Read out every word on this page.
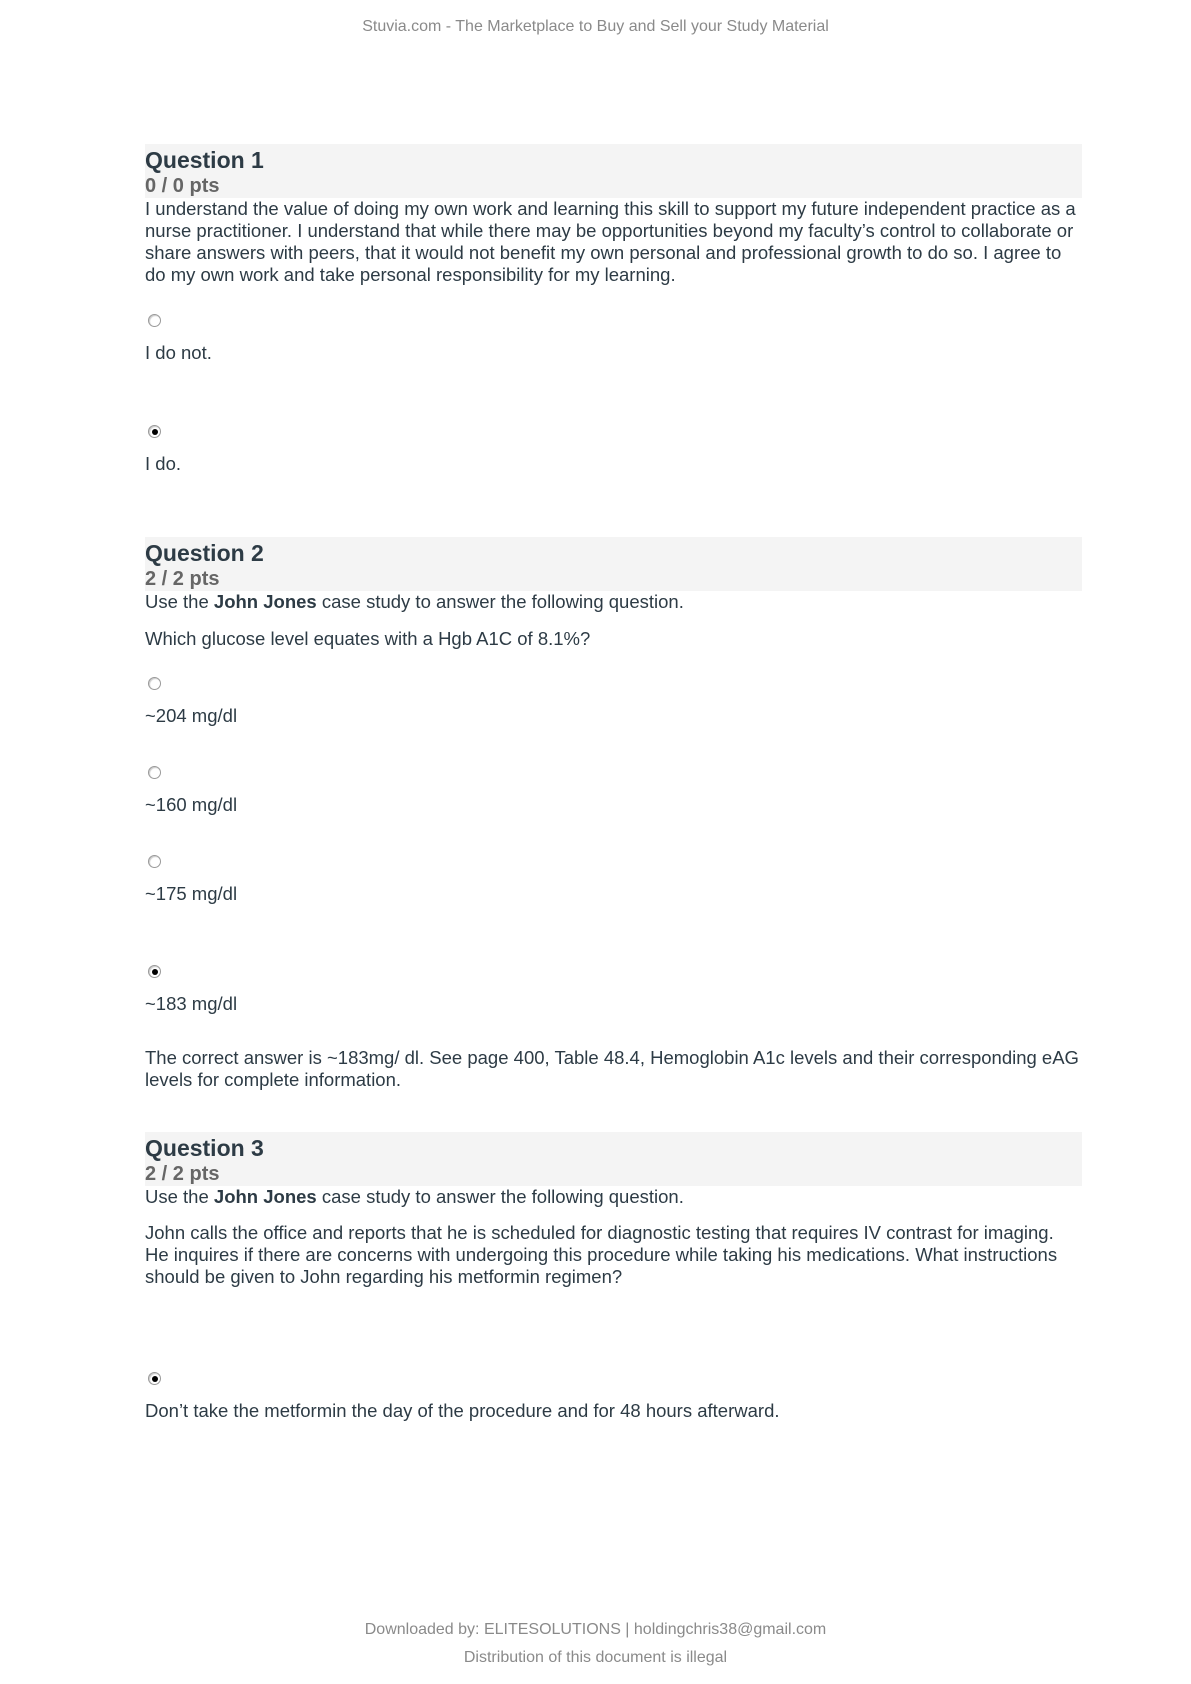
Stuvia.com - The Marketplace to Buy and Sell your Study Material
Question 1
0 / 0 pts

I understand the value of doing my own work and learning this skill to support my future independent practice as a nurse practitioner. I understand that while there may be opportunities beyond my faculty’s control to collaborate or share answers with peers, that it would not benefit my own personal and professional growth to do so. I agree to do my own work and take personal responsibility for my learning.

I do not.
I do.
Question 2
2 / 2 pts

Use the John Jones case study to answer the following question.

Which glucose level equates with a Hgb A1C of 8.1%?

~204 mg/dl
~160 mg/dl
~175 mg/dl
~183 mg/dl

The correct answer is ~183mg/ dl. See page 400, Table 48.4, Hemoglobin A1c levels and their corresponding eAG levels for complete information.

Question 3
2 / 2 pts

Use the John Jones case study to answer the following question.

John calls the office and reports that he is scheduled for diagnostic testing that requires IV contrast for imaging. He inquires if there are concerns with undergoing this procedure while taking his medications. What instructions should be given to John regarding his metformin regimen?

Don’t take the metformin the day of the procedure and for 48 hours afterward.
Downloaded by: ELITESOLUTIONS | holdingchris38@gmail.com
Distribution of this document is illegal
